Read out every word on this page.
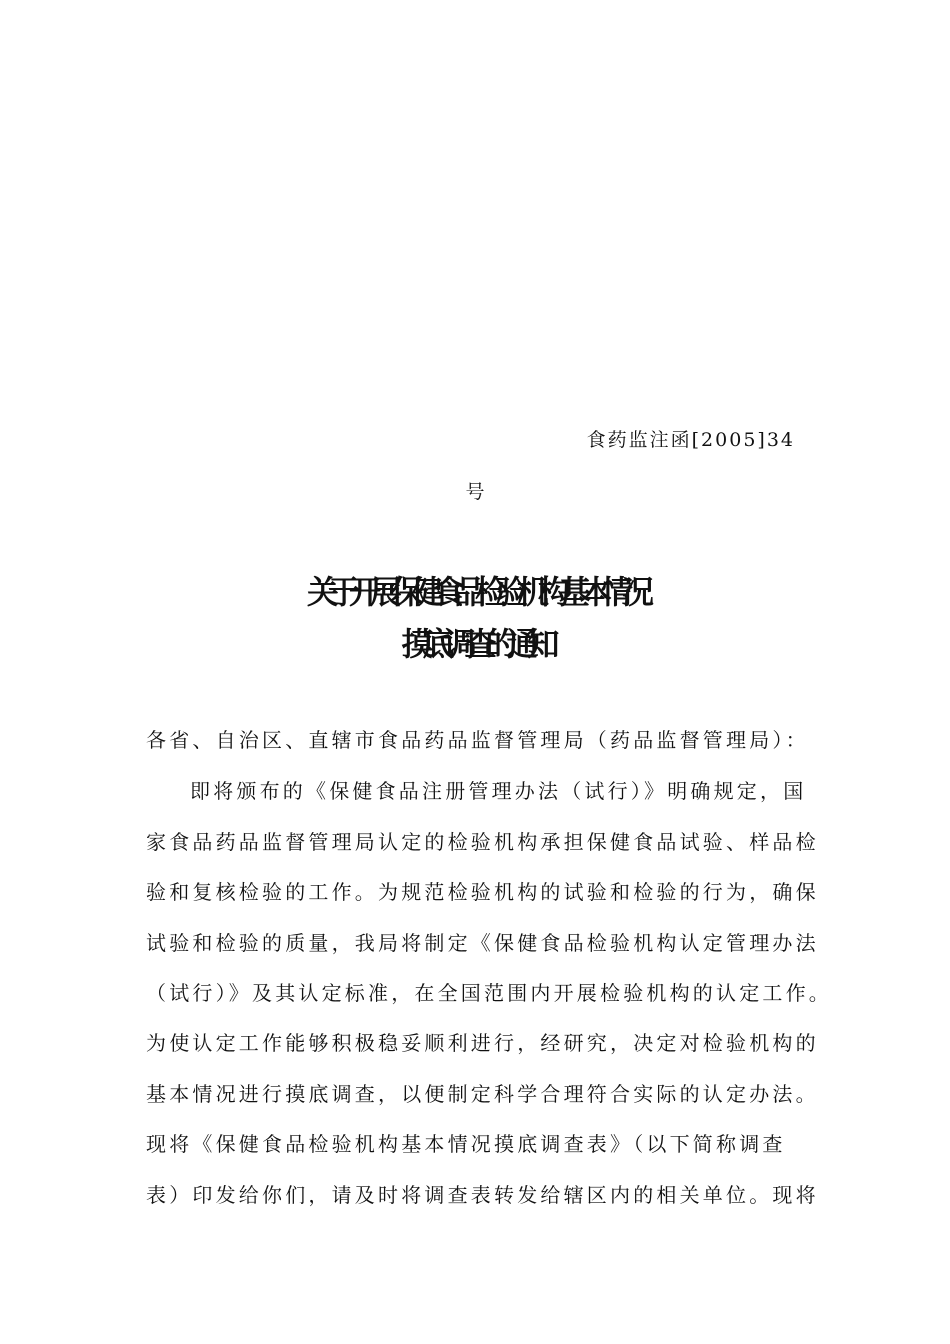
食药监注函[2005]34
号
关于开展保健食品检验机构基本情况
摸底调查的通知
各省、自治区、直辖市食品药品监督管理局（药品监督管理局）：
即将颁布的《保健食品注册管理办法（试行）》明确规定，国
家食品药品监督管理局认定的检验机构承担保健食品试验、样品检
验和复核检验的工作。为规范检验机构的试验和检验的行为，确保
试验和检验的质量，我局将制定《保健食品检验机构认定管理办法
（试行）》及其认定标准，在全国范围内开展检验机构的认定工作。
为使认定工作能够积极稳妥顺利进行，经研究，决定对检验机构的
基本情况进行摸底调查，以便制定科学合理符合实际的认定办法。
现将《保健食品检验机构基本情况摸底调查表》（以下简称调查
表）印发给你们，请及时将调查表转发给辖区内的相关单位。现将
